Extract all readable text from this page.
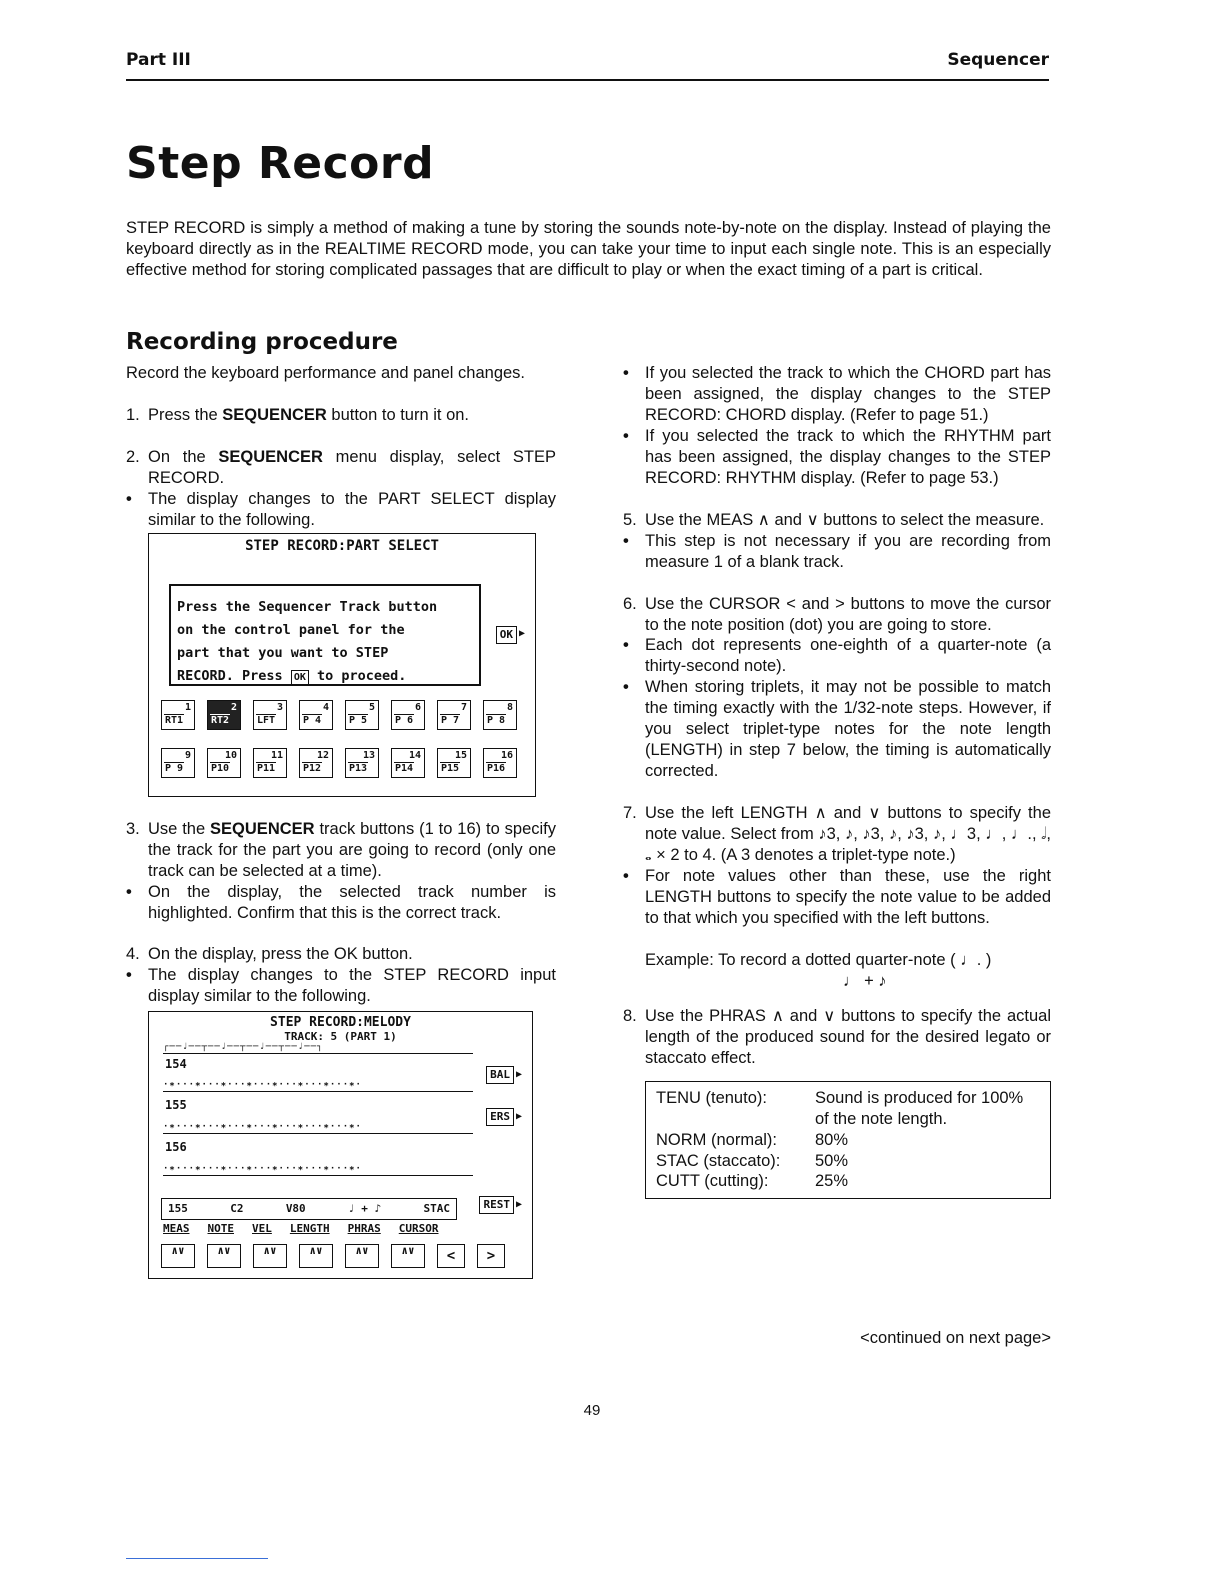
Part III	Sequencer
Step Record

STEP RECORD is simply a method of making a tune by storing the sounds note-by-note on the display. Instead of playing the keyboard directly as in the REALTIME RECORD mode, you can take your time to input each single note. This is an especially effective method for storing complicated passages that are difficult to play or when the exact timing of a part is critical.

Recording procedure

Record the keyboard performance and panel changes.

1. Press the SEQUENCER button to turn it on.
2. On the SEQUENCER menu display, select STEP RECORD.
• The display changes to the PART SELECT display similar to the following.
STEP RECORD:PART SELECT
Press the Sequencer Track button
on the control panel for the
part that you want to STEP
RECORD. Press OK to proceed.
OK ▶
1
RT1
2
RT2
3
LFT
4
P 4
5
P 5
6
P 6
7
P 7
8
P 8
9
P 9
10
P10
11
P11
12
P12
13
P13
14
P14
15
P15
16
P16
3. Use the SEQUENCER track buttons (1 to 16) to specify the track for the part you are going to record (only one track can be selected at a time).
• On the display, the selected track number is highlighted. Confirm that this is the correct track.
4. On the display, press the OK button.
• The display changes to the STEP RECORD input display similar to the following.
STEP RECORD:MELODY
TRACK: 5 (PART 1)
┌──♩──┬──♩──┬──♩──┬──♩──┐
154
·∗···∗···∗···∗···∗···∗···∗···∗·
155
·∗···∗···∗···∗···∗···∗···∗···∗·
156
·∗···∗···∗···∗···∗···∗···∗···∗·
BAL ▶
ERS ▶
REST ▶
155	C2	V80	♩ + ♪	STAC
MEAS NOTE VEL LENGTH PHRAS CURSOR
∧∨	∧∨	∧∨	∧∨	∧∨	∧∨	<	>
• If you selected the track to which the CHORD part has been assigned, the display changes to the STEP RECORD: CHORD display. (Refer to page 51.)
• If you selected the track to which the RHYTHM part has been assigned, the display changes to the STEP RECORD: RHYTHM display. (Refer to page 53.)
5. Use the MEAS ∧ and ∨ buttons to select the measure.
• This step is not necessary if you are recording from measure 1 of a blank track.
6. Use the CURSOR < and > buttons to move the cursor to the note position (dot) you are going to store.
• Each dot represents one-eighth of a quarter-note (a thirty-second note).
• When storing triplets, it may not be possible to match the timing exactly with the 1/32-note steps. However, if you select triplet-type notes for the note length (LENGTH) in step 7 below, the timing is automatically corrected.
7. Use the left LENGTH ∧ and ∨ buttons to specify the note value. Select from ♪3, ♪, ♪3, ♪, ♪3, ♪, ♩3, ♩, ♩., 𝅗𝅥, 𝅝 × 2 to 4. (A 3 denotes a triplet-type note.)
• For note values other than these, use the right LENGTH buttons to specify the note value to be added to that which you specified with the left buttons.

Example: To record a dotted quarter-note ( ♩. )

♩ + ♪

8. Use the PHRAS ∧ and ∨ buttons to specify the actual length of the produced sound for the desired legato or staccato effect.
TENU (tenuto):	Sound is produced for 100% of the note length.
NORM (normal):	80%
STAC (staccato):	50%
CUTT (cutting):	25%
<continued on next page>
49
